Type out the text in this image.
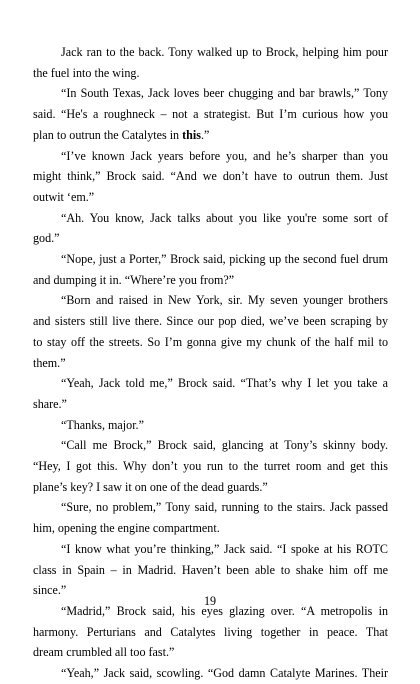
Jack ran to the back. Tony walked up to Brock, helping him pour
the fuel into the wing.
“In South Texas, Jack loves beer chugging and bar brawls,” Tony
said. “He's a roughneck – not a strategist. But I’m curious how you
plan to outrun the Catalytes in this.”
“I’ve known Jack years before you, and he’s sharper than you
might think,” Brock said. “And we don’t have to outrun them. Just
outwit ‘em.”
“Ah. You know, Jack talks about you like you're some sort of
god.”
“Nope, just a Porter,” Brock said, picking up the second fuel drum
and dumping it in. “Where’re you from?”
“Born and raised in New York, sir. My seven younger brothers
and sisters still live there. Since our pop died, we’ve been scraping by
to stay off the streets. So I’m gonna give my chunk of the half mil to
them.”
“Yeah, Jack told me,” Brock said. “That’s why I let you take a
share.”
“Thanks, major.”
“Call me Brock,” Brock said, glancing at Tony’s skinny body.
“Hey, I got this. Why don’t you run to the turret room and get this
plane’s key? I saw it on one of the dead guards.”
“Sure, no problem,” Tony said, running to the stairs. Jack passed
him, opening the engine compartment.
“I know what you’re thinking,” Jack said. “I spoke at his ROTC
class in Spain – in Madrid. Haven’t been able to shake him off me
since.”
“Madrid,” Brock said, his eyes glazing over. “A metropolis in
harmony. Perturians and Catalytes living together in peace. That
dream crumbled all too fast.”
“Yeah,” Jack said, scowling. “God damn Catalyte Marines. Their
19
